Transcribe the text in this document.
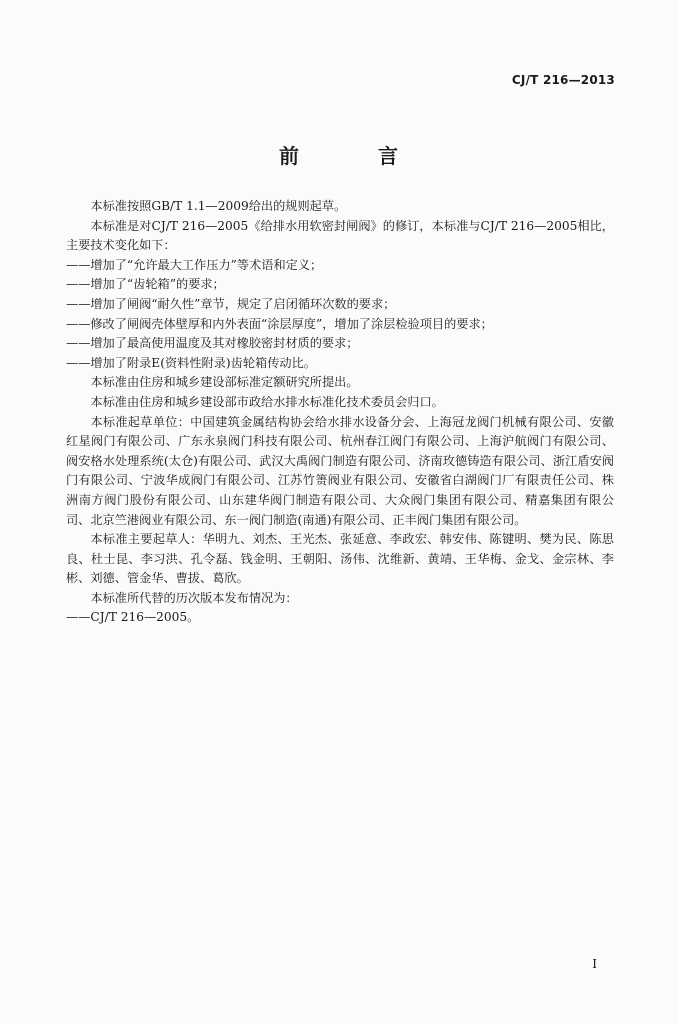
CJ/T 216—2013
前 言

本标准按照GB/T 1.1—2009给出的规则起草。

本标准是对CJ/T 216—2005《给排水用软密封闸阀》的修订，本标准与CJ/T 216—2005相比，主要技术变化如下：

——增加了“允许最大工作压力”等术语和定义；

——增加了“齿轮箱”的要求；

——增加了闸阀“耐久性”章节，规定了启闭循环次数的要求；

——修改了闸阀壳体壁厚和内外表面“涂层厚度”，增加了涂层检验项目的要求；

——增加了最高使用温度及其对橡胶密封材质的要求；

——增加了附录E(资料性附录)齿轮箱传动比。

本标准由住房和城乡建设部标准定额研究所提出。

本标准由住房和城乡建设部市政给水排水标准化技术委员会归口。

本标准起草单位：中国建筑金属结构协会给水排水设备分会、上海冠龙阀门机械有限公司、安徽红星阀门有限公司、广东永泉阀门科技有限公司、杭州春江阀门有限公司、上海沪航阀门有限公司、阀安格水处理系统(太仓)有限公司、武汉大禹阀门制造有限公司、济南玫德铸造有限公司、浙江盾安阀门有限公司、宁波华成阀门有限公司、江苏竹箦阀业有限公司、安徽省白湖阀门厂有限责任公司、株洲南方阀门股份有限公司、山东建华阀门制造有限公司、大众阀门集团有限公司、精嘉集团有限公司、北京竺港阀业有限公司、东一阀门制造(南通)有限公司、正丰阀门集团有限公司。

本标准主要起草人：华明九、刘杰、王光杰、张延意、李政宏、韩安伟、陈键明、樊为民、陈思良、杜士昆、李习洪、孔令磊、钱金明、王朝阳、汤伟、沈维新、黄靖、王华梅、金戈、金宗林、李彬、刘德、管金华、曹拔、葛欣。

本标准所代替的历次版本发布情况为：

——CJ/T 216—2005。

I
